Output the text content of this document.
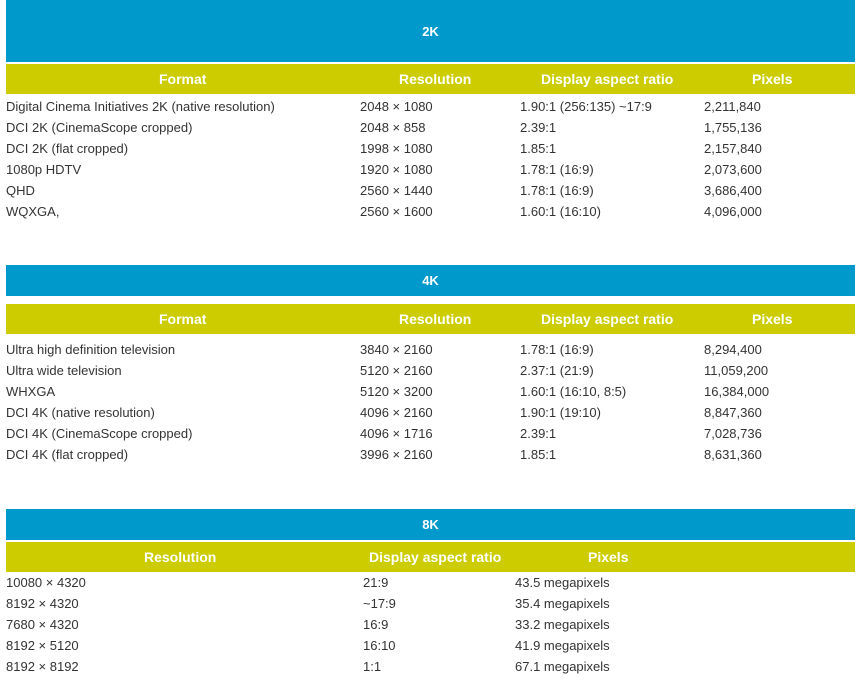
2K
Format	Resolution	Display aspect ratio	Pixels
Digital Cinema Initiatives 2K (native resolution)	2048 × 1080	1.90:1 (256:135) ~17:9	2,211,840
DCI 2K (CinemaScope cropped)	2048 × 858	2.39:1	1,755,136
DCI 2K (flat cropped)	1998 × 1080	1.85:1	2,157,840
1080p HDTV	1920 × 1080	1.78:1 (16:9)	2,073,600
QHD	2560 × 1440	1.78:1 (16:9)	3,686,400
WQXGA,	2560 × 1600	1.60:1 (16:10)	4,096,000
4K
Format	Resolution	Display aspect ratio	Pixels
Ultra high definition television	3840 × 2160	1.78:1 (16:9)	8,294,400
Ultra wide television	5120 × 2160	2.37:1 (21:9)	11,059,200
WHXGA	5120 × 3200	1.60:1 (16:10, 8:5)	16,384,000
DCI 4K (native resolution)	4096 × 2160	1.90:1 (19:10)	8,847,360
DCI 4K (CinemaScope cropped)	4096 × 1716	2.39:1	7,028,736
DCI 4K (flat cropped)	3996 × 2160	1.85:1	8,631,360
8K
Resolution	Display aspect ratio	Pixels
10080 × 4320	21:9	43.5 megapixels
8192 × 4320	~17:9	35.4 megapixels
7680 × 4320	16:9	33.2 megapixels
8192 × 5120	16:10	41.9 megapixels
8192 × 8192	1:1	67.1 megapixels
